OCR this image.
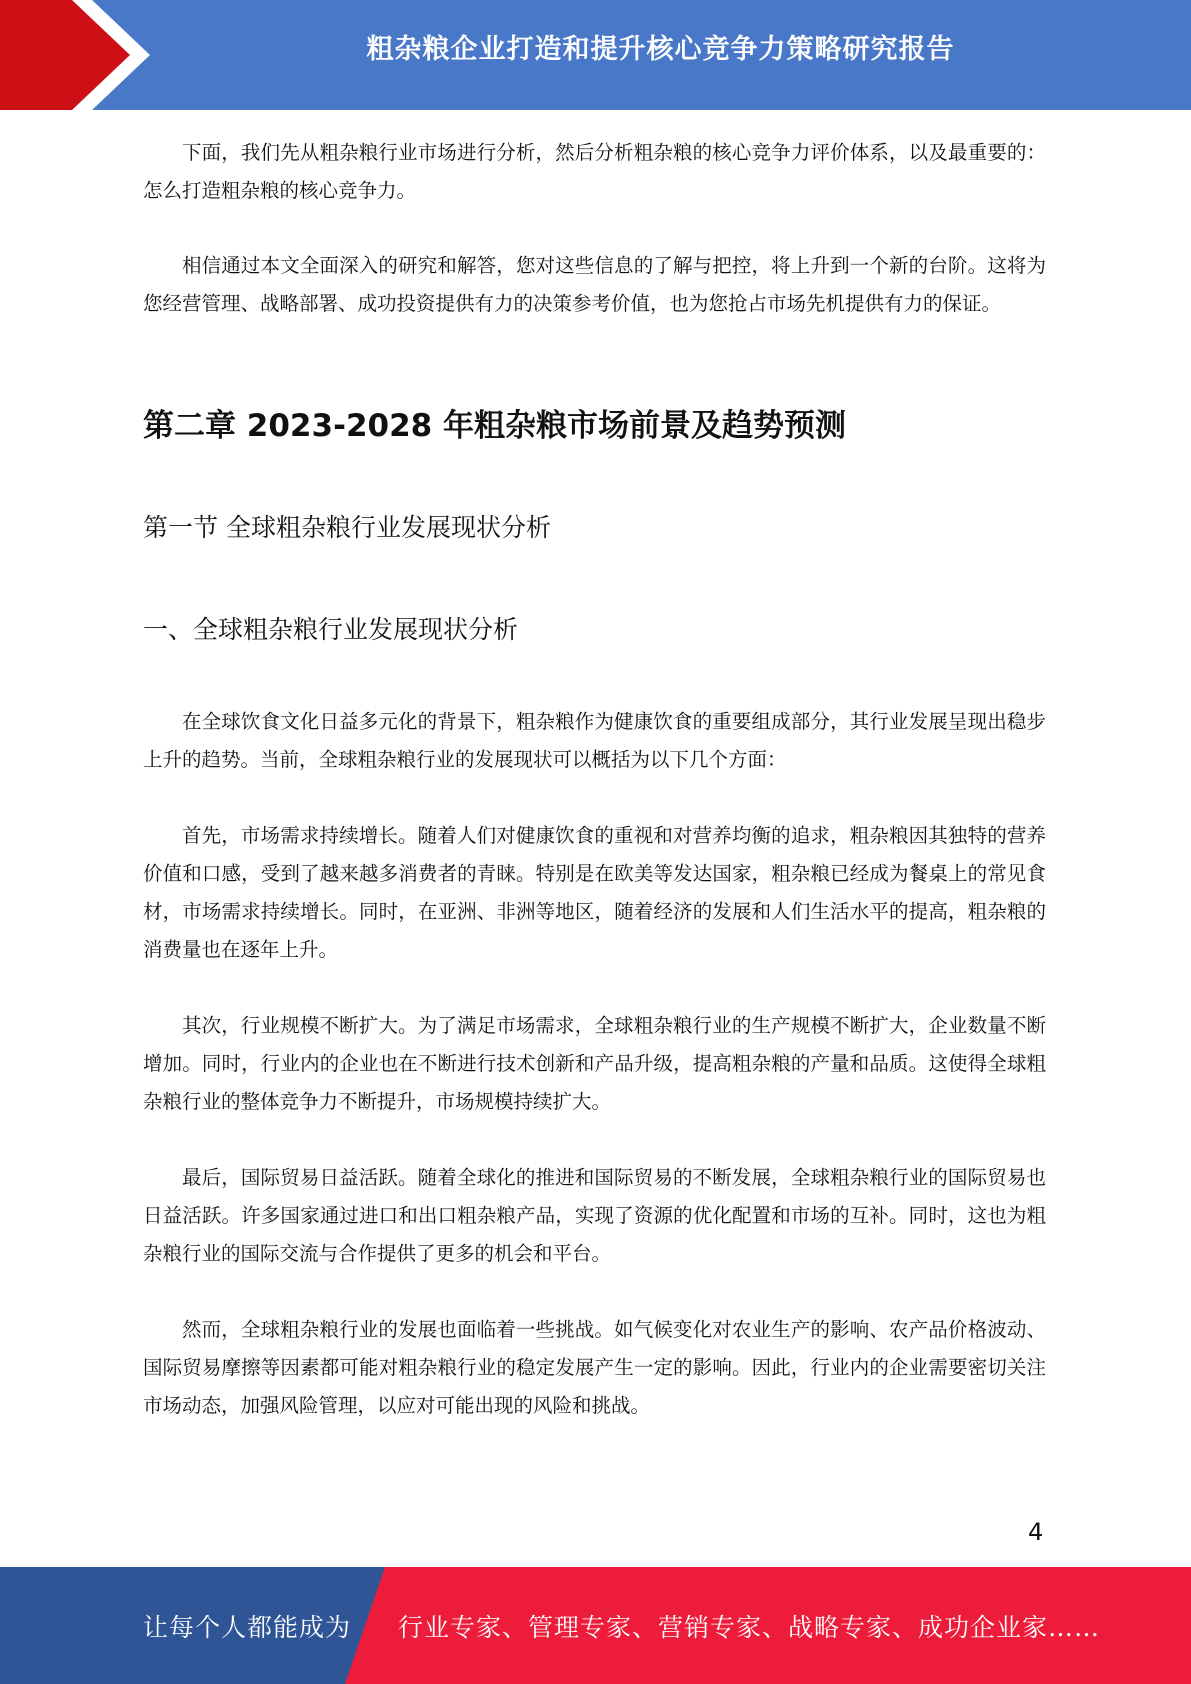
粗杂粮企业打造和提升核心竞争力策略研究报告

下面，我们先从粗杂粮行业市场进行分析，然后分析粗杂粮的核心竞争力评价体系，以及最重要的：怎么打造粗杂粮的核心竞争力。

相信通过本文全面深入的研究和解答，您对这些信息的了解与把控，将上升到一个新的台阶。这将为您经营管理、战略部署、成功投资提供有力的决策参考价值，也为您抢占市场先机提供有力的保证。

第二章 2023-2028 年粗杂粮市场前景及趋势预测
第一节 全球粗杂粮行业发展现状分析
一、全球粗杂粮行业发展现状分析

在全球饮食文化日益多元化的背景下，粗杂粮作为健康饮食的重要组成部分，其行业发展呈现出稳步上升的趋势。当前，全球粗杂粮行业的发展现状可以概括为以下几个方面：

首先，市场需求持续增长。随着人们对健康饮食的重视和对营养均衡的追求，粗杂粮因其独特的营养价值和口感，受到了越来越多消费者的青睐。特别是在欧美等发达国家，粗杂粮已经成为餐桌上的常见食材，市场需求持续增长。同时，在亚洲、非洲等地区，随着经济的发展和人们生活水平的提高，粗杂粮的消费量也在逐年上升。

其次，行业规模不断扩大。为了满足市场需求，全球粗杂粮行业的生产规模不断扩大，企业数量不断增加。同时，行业内的企业也在不断进行技术创新和产品升级，提高粗杂粮的产量和品质。这使得全球粗杂粮行业的整体竞争力不断提升，市场规模持续扩大。

最后，国际贸易日益活跃。随着全球化的推进和国际贸易的不断发展，全球粗杂粮行业的国际贸易也日益活跃。许多国家通过进口和出口粗杂粮产品，实现了资源的优化配置和市场的互补。同时，这也为粗杂粮行业的国际交流与合作提供了更多的机会和平台。

然而，全球粗杂粮行业的发展也面临着一些挑战。如气候变化对农业生产的影响、农产品价格波动、国际贸易摩擦等因素都可能对粗杂粮行业的稳定发展产生一定的影响。因此，行业内的企业需要密切关注市场动态，加强风险管理，以应对可能出现的风险和挑战。

4
让每个人都能成为 行业专家、管理专家、营销专家、战略专家、成功企业家……
